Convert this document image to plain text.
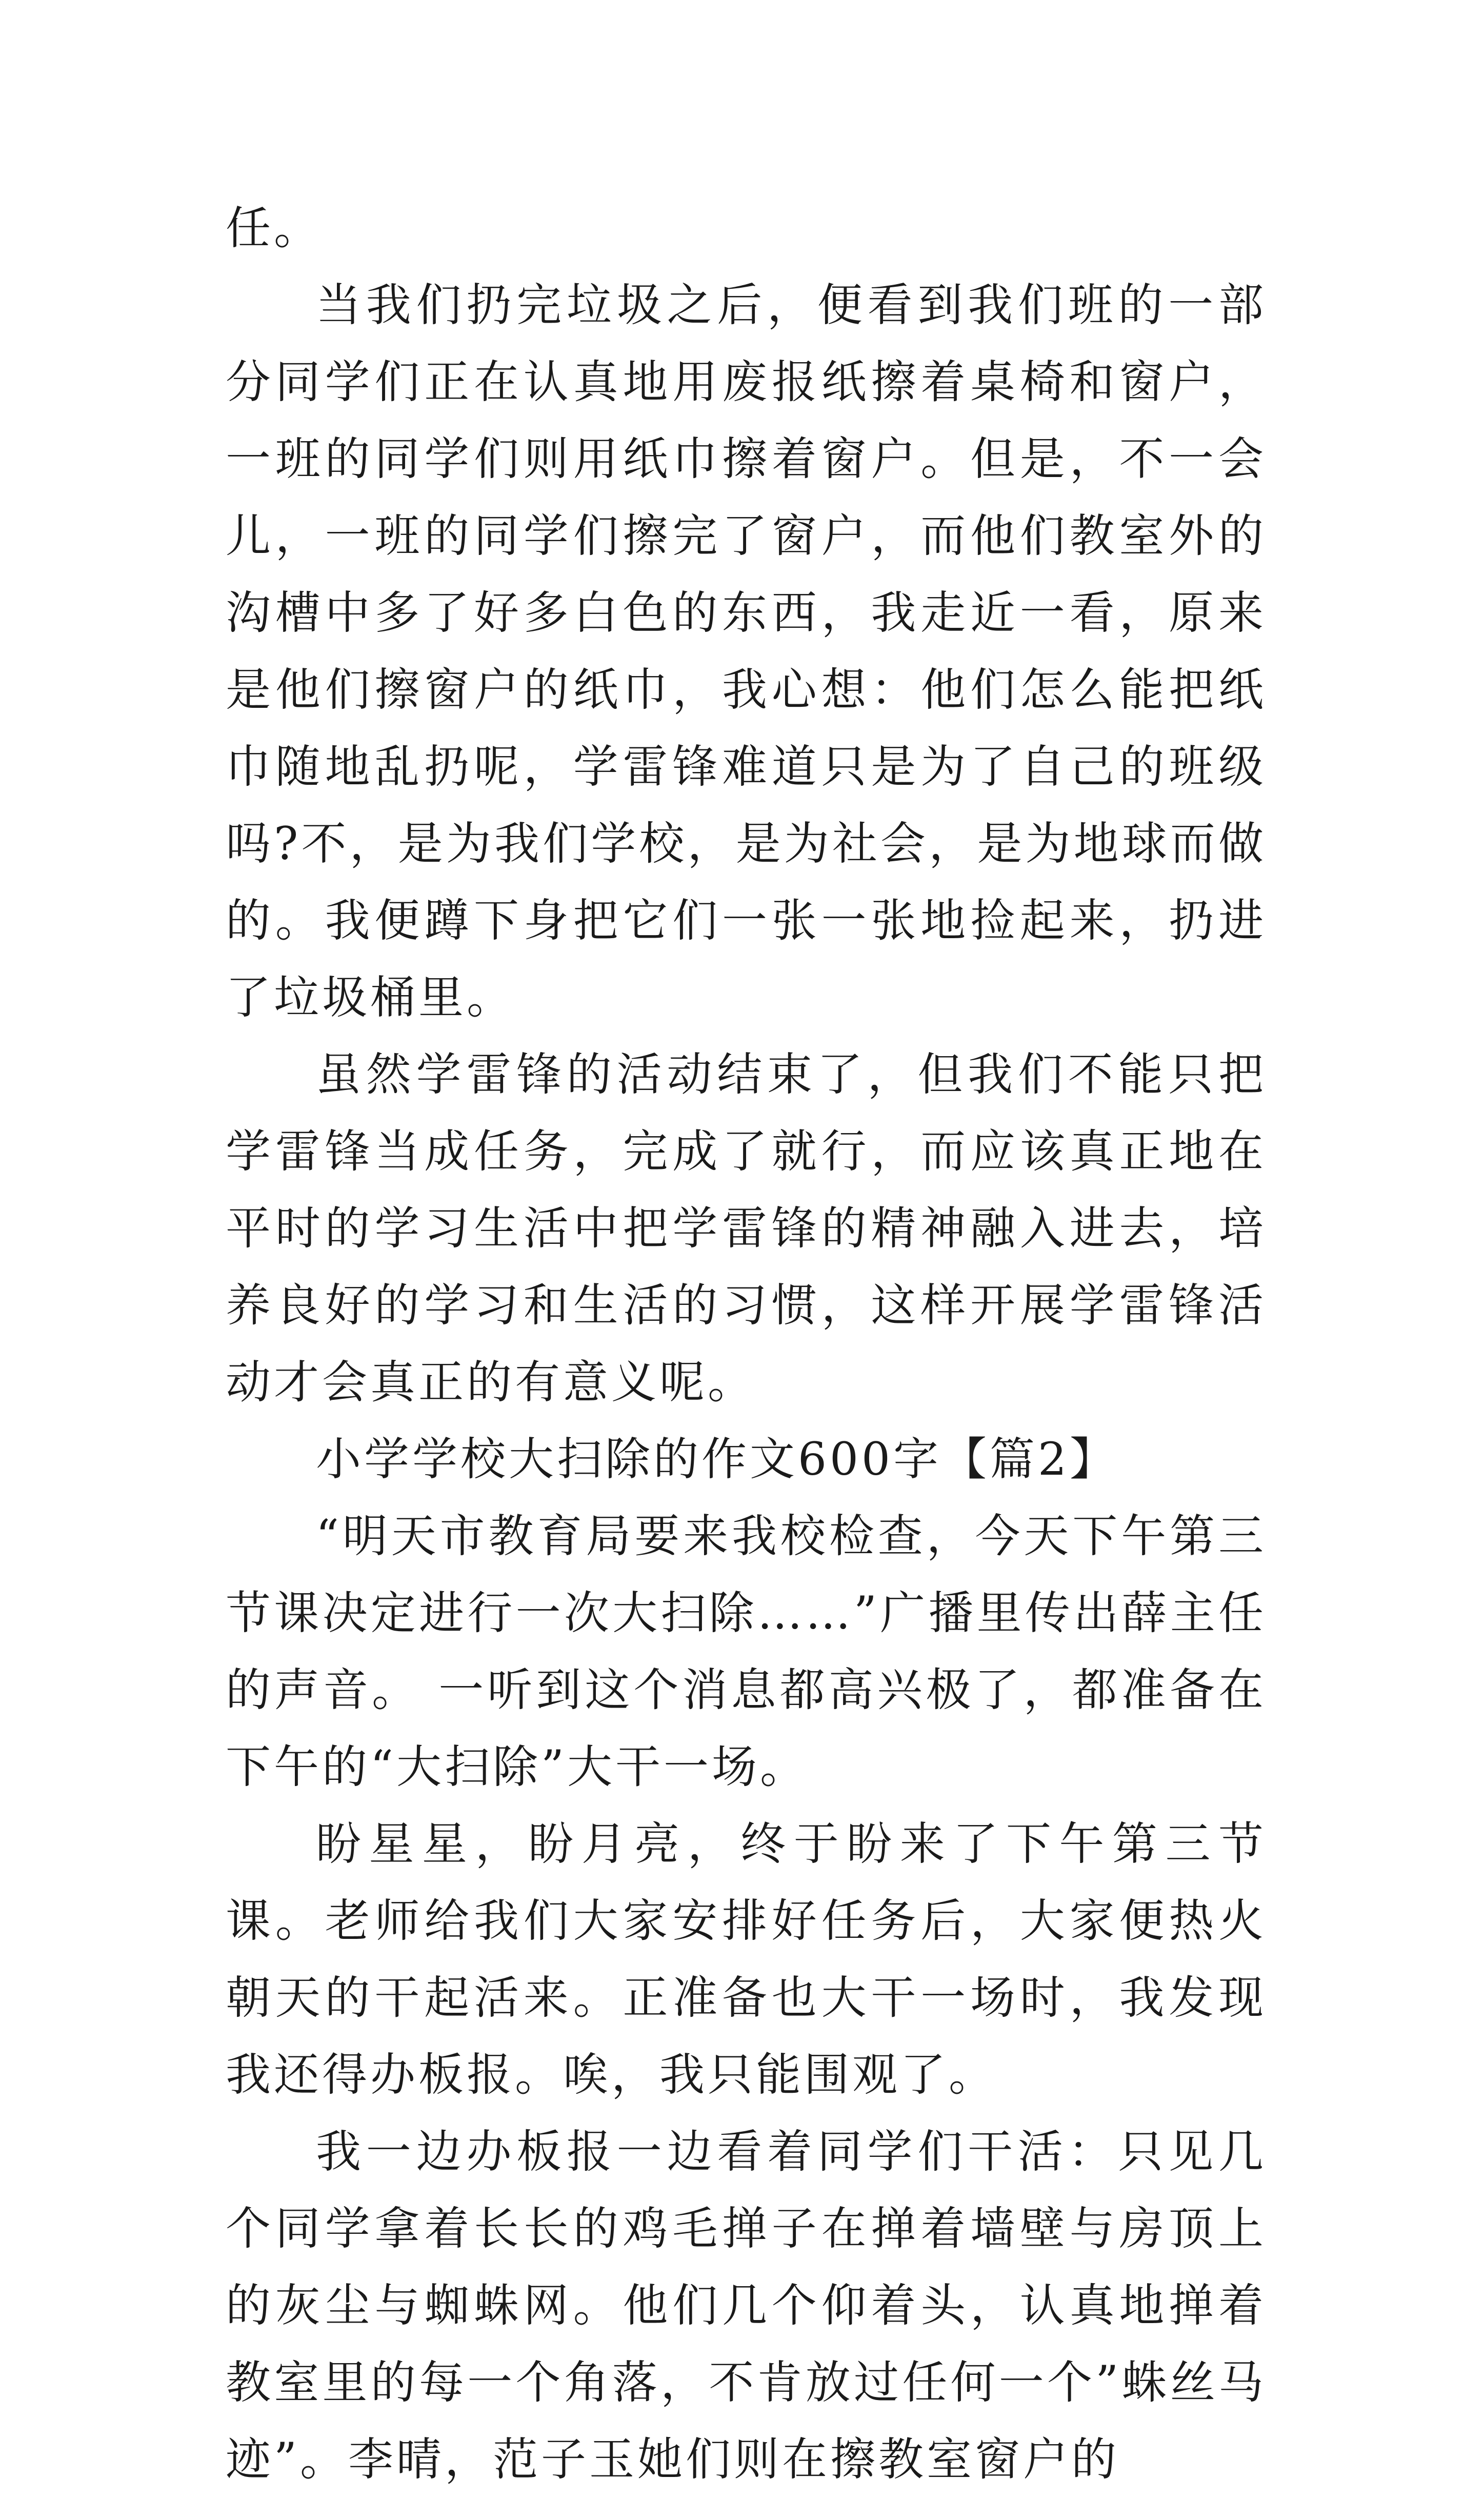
任。

当我们扔完垃圾之后，便看到我们班的一部分同学们正在认真地用废报纸擦着桌椅和窗户，一班的同学们则用纸巾擦着窗户。但是，不一会儿，一班的同学们擦完了窗户，而他们教室外的沟槽中多了好多白色的东西，我走近一看，原来是他们擦窗户的纸巾，我心想：他们怎么能把纸巾随地乱扔呢，学雷锋难道只是为了自己的班级吗?不，是为我们学校，是为社会，是为地球而做的。我便蹲下身把它们一张一张地捡起来，扔进了垃圾桶里。

虽然学雷锋的活动结束了，但我们不能只把学雷锋当成任务，完成了就行，而应该真正地在平时的学习生活中把学雷锋的精神融入进去，培养良好的学习和生活的习惯，这样开展学雷锋活动才会真正的有意义呢。

小学学校大扫除的作文600字【篇2】

“明天市教育局要来我校检查，今天下午第三节课决定进行一次大扫除……”广播里传出薛主任的声音。 一听到这个消息都高兴极了，都准备在下午的“大扫除”大干一场。

盼星星，盼月亮，终于盼来了下午第三节课。老师给我们大家安排好任务后，大家便热火朝天的干起活来。正准备也大干一场时，我发现我还得办板报。唉，我只能围观了。

我一边办板报一边看着同学们干活：只见几个同学拿着长长的鸡毛掸子在掸着墙壁与房顶上的灰尘与蜘蛛网。他们几个仰着头，认真地掸着教室里的每一个角落，不肯放过任何一个”蛛丝马迹”。李晴，范子玉她们则在擦教室窗户的
